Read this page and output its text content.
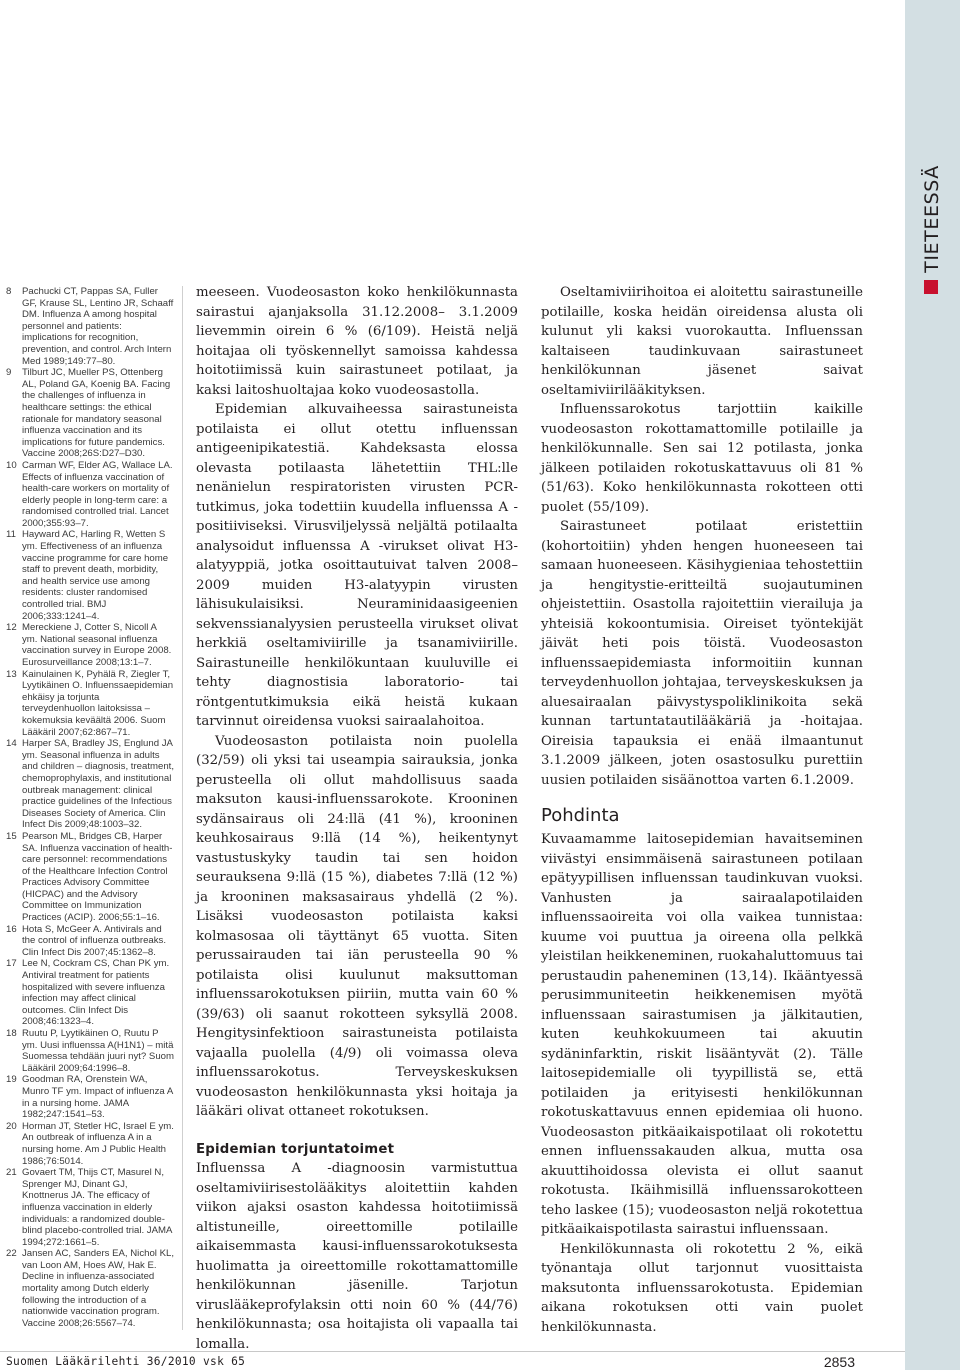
TIETEESSÄ
8	Pachucki CT, Pappas SA, Fuller GF, Krause SL, Lentino JR, Schaaff DM. Influenza A among hospital personnel and patients: implications for recognition, prevention, and control. Arch Intern Med 1989;149:77–80.
9	Tilburt JC, Mueller PS, Ottenberg AL, Poland GA, Koenig BA. Facing the challenges of influenza in healthcare settings: the ethical rationale for mandatory seasonal influenza vaccination and its implications for future pandemics. Vaccine 2008;26S:D27–D30.
10 Carman WF, Elder AG, Wallace LA. Effects of influenza vaccination of health-care workers on mortality of elderly people in long-term care: a randomised controlled trial. Lancet 2000;355:93–7.
11 Hayward AC, Harling R, Wetten S ym. Effectiveness of an influenza vaccine programme for care home staff to prevent death, morbidity, and health service use among residents: cluster randomised controlled trial. BMJ 2006;333:1241–4.
12 Mereckiene J, Cotter S, Nicoll A ym. National seasonal influenza vaccination survey in Europe 2008. Eurosurveillance 2008;13:1–7.
13 Kainulainen K, Pyhälä R, Ziegler T, Lyytikäinen O. Influenssaepidemian ehkäisy ja torjunta terveydenhuollon laitoksissa – kokemuksia keväältä 2006. Suom Lääkäril 2007;62:867–71.
14 Harper SA, Bradley JS, Englund JA ym. Seasonal influenza in adults and children – diagnosis, treatment, chemoprophylaxis, and institutional outbreak management: clinical practice guidelines of the Infectious Diseases Society of America. Clin Infect Dis 2009;48:1003–32.
15 Pearson ML, Bridges CB, Harper SA. Influenza vaccination of health-care personnel: recommendations of the Healthcare Infection Control Practices Advisory Committee (HICPAC) and the Advisory Committee on Immunization Practices (ACIP). 2006;55:1–16.
16 Hota S, McGeer A. Antivirals and the control of influenza outbreaks. Clin Infect Dis 2007;45:1362–8.
17 Lee N, Cockram CS, Chan PK ym. Antiviral treatment for patients hospitalized with severe influenza infection may affect clinical outcomes. Clin Infect Dis 2008;46:1323–4.
18 Ruutu P, Lyytikäinen O, Ruutu P ym. Uusi influenssa A(H1N1) – mitä Suomessa tehdään juuri nyt? Suom Lääkäril 2009;64:1996–8.
19 Goodman RA, Orenstein WA, Munro TF ym. Impact of influenza A in a nursing home. JAMA 1982;247:1541–53.
20 Horman JT, Stetler HC, Israel E ym. An outbreak of influenza A in a nursing home. Am J Public Health 1986;76:5014.
21 Govaert TM, Thijs CT, Masurel N, Sprenger MJ, Dinant GJ, Knottnerus JA. The efficacy of influenza vaccination in elderly individuals: a randomized double-blind placebo-controlled trial. JAMA 1994;272:1661–5.
22 Jansen AC, Sanders EA, Nichol KL, van Loon AM, Hoes AW, Hak E. Decline in influenza-associated mortality among Dutch elderly following the introduction of a nationwide vaccination program. Vaccine 2008;26:5567–74.

meeseen. Vuodeosaston koko henkilökunnasta sairastui ajanjaksolla 31.12.2008– 3.1.2009 lievemmin oirein 6 % (6/109). Heistä neljä hoitajaa oli työskennellyt samoissa kahdessa hoitotiimissä kuin sairastuneet potilaat, ja kaksi laitoshuoltajaa koko vuodeosastolla.

Epidemian alkuvaiheessa sairastuneista potilaista ei ollut otettu influenssan antigeenipikatestiä. Kahdeksasta elossa olevasta potilaasta lähetettiin THL:lle nenänielun respiratoristen virusten PCR-tutkimus, joka todettiin kuudella influenssa A -positiiviseksi. Virusviljelyssä neljältä potilaalta analysoidut influenssa A -virukset olivat H3-alatyyppiä, jotka osoittautuivat talven 2008–2009 muiden H3-alatyypin virusten lähisukulaisiksi. Neuraminidaasigeenien sekvenssianalyysien perusteella virukset olivat herkkiä oseltamiviirille ja tsanamiviirille. Sairastuneille henkilökuntaan kuuluville ei tehty diagnostisia laboratorio- tai röntgentutkimuksia eikä heistä kukaan tarvinnut oireidensa vuoksi sairaalahoitoa.

Vuodeosaston potilaista noin puolella (32/59) oli yksi tai useampia sairauksia, jonka perusteella oli ollut mahdollisuus saada maksuton kausi-influenssarokote. Krooninen sydänsairaus oli 24:llä (41 %), krooninen keuhkosairaus 9:llä (14 %), heikentynyt vastustuskyky taudin tai sen hoidon seurauksena 9:llä (15 %), diabetes 7:llä (12 %) ja krooninen maksasairaus yhdellä (2 %). Lisäksi vuodeosaston potilaista kaksi kolmasosaa oli täyttänyt 65 vuotta. Siten perussairauden tai iän perusteella 90 % potilaista olisi kuulunut maksuttoman influenssarokotuksen piiriin, mutta vain 60 % (39/63) oli saanut rokotteen syksyllä 2008. Hengitysinfektioon sairastuneista potilaista vajaalla puolella (4/9) oli voimassa oleva influenssarokotus. Terveyskeskuksen vuodeosaston henkilökunnasta yksi hoitaja ja lääkäri olivat ottaneet rokotuksen.

Epidemian torjuntatoimet

Influenssa A -diagnoosin varmistuttua oseltamiviirisestolääkitys aloitettiin kahden viikon ajaksi osaston kahdessa hoitotiimissä altistuneille, oireettomille potilaille aikaisemmasta kausi-influenssarokotuksesta huolimatta ja oireettomille rokottamattomille henkilökunnan jäsenille. Tarjotun viruslääkeprofylaksin otti noin 60 % (44/76) henkilökunnasta; osa hoitajista oli vapaalla tai lomalla.

Oseltamiviirihoitoa ei aloitettu sairastuneille potilaille, koska heidän oireidensa alusta oli kulunut yli kaksi vuorokautta. Influenssan kaltaiseen taudinkuvaan sairastuneet henkilökunnan jäsenet saivat oseltamiviirilääkityksen.

Influenssarokotus tarjottiin kaikille vuodeosaston rokottamattomille potilaille ja henkilökunnalle. Sen sai 12 potilasta, jonka jälkeen potilaiden rokotuskattavuus oli 81 % (51/63). Koko henkilökunnasta rokotteen otti puolet (55/109).

Sairastuneet potilaat eristettiin (kohortoitiin) yhden hengen huoneeseen tai samaan huoneeseen. Käsihygieniaa tehostettiin ja hengitystie-eritteiltä suojautuminen ohjeistettiin. Osastolla rajoitettiin vierailuja ja yhteisiä kokoontumisia. Oireiset työntekijät jäivät heti pois töistä. Vuodeosaston influenssaepidemiasta informoitiin kunnan terveydenhuollon johtajaa, terveyskeskuksen ja aluesairaalan päivystyspoliklinikoita sekä kunnan tartuntatautilääkäriä ja -hoitajaa. Oireisia tapauksia ei enää ilmaantunut 3.1.2009 jälkeen, joten osastosulku purettiin uusien potilaiden sisäänottoa varten 6.1.2009.

Pohdinta

Kuvaamamme laitosepidemian havaitseminen viivästyi ensimmäisenä sairastuneen potilaan epätyypillisen influenssan taudinkuvan vuoksi. Vanhusten ja sairaalapotilaiden influenssaoireita voi olla vaikea tunnistaa: kuume voi puuttua ja oireena olla pelkkä yleistilan heikkeneminen, ruokahaluttomuus tai perustaudin paheneminen (13,14). Ikääntyessä perusimmuniteetin heikkenemisen myötä influenssaan sairastumisen ja jälkitautien, kuten keuhkokuumeen tai akuutin sydäninfarktin, riskit lisääntyvät (2). Tälle laitosepidemialle oli tyypillistä se, että potilaiden ja erityisesti henkilökunnan rokotuskattavuus ennen epidemiaa oli huono. Vuodeosaston pitkäaikaispotilaat oli rokotettu ennen influenssakauden alkua, mutta osa akuuttihoidossa olevista ei ollut saanut rokotusta. Ikäihmisillä influenssarokotteen teho laskee (15); vuodeosaston neljä rokotettua pitkäaikaispotilasta sairastui influenssaan.

Henkilökunnasta oli rokotettu 2 %, eikä työnantaja ollut tarjonnut vuosittaista maksutonta influenssarokotusta. Epidemian aikana rokotuksen otti vain puolet henkilökunnasta.

Suomen Lääkärilehti 36/2010 vsk 65	2853
